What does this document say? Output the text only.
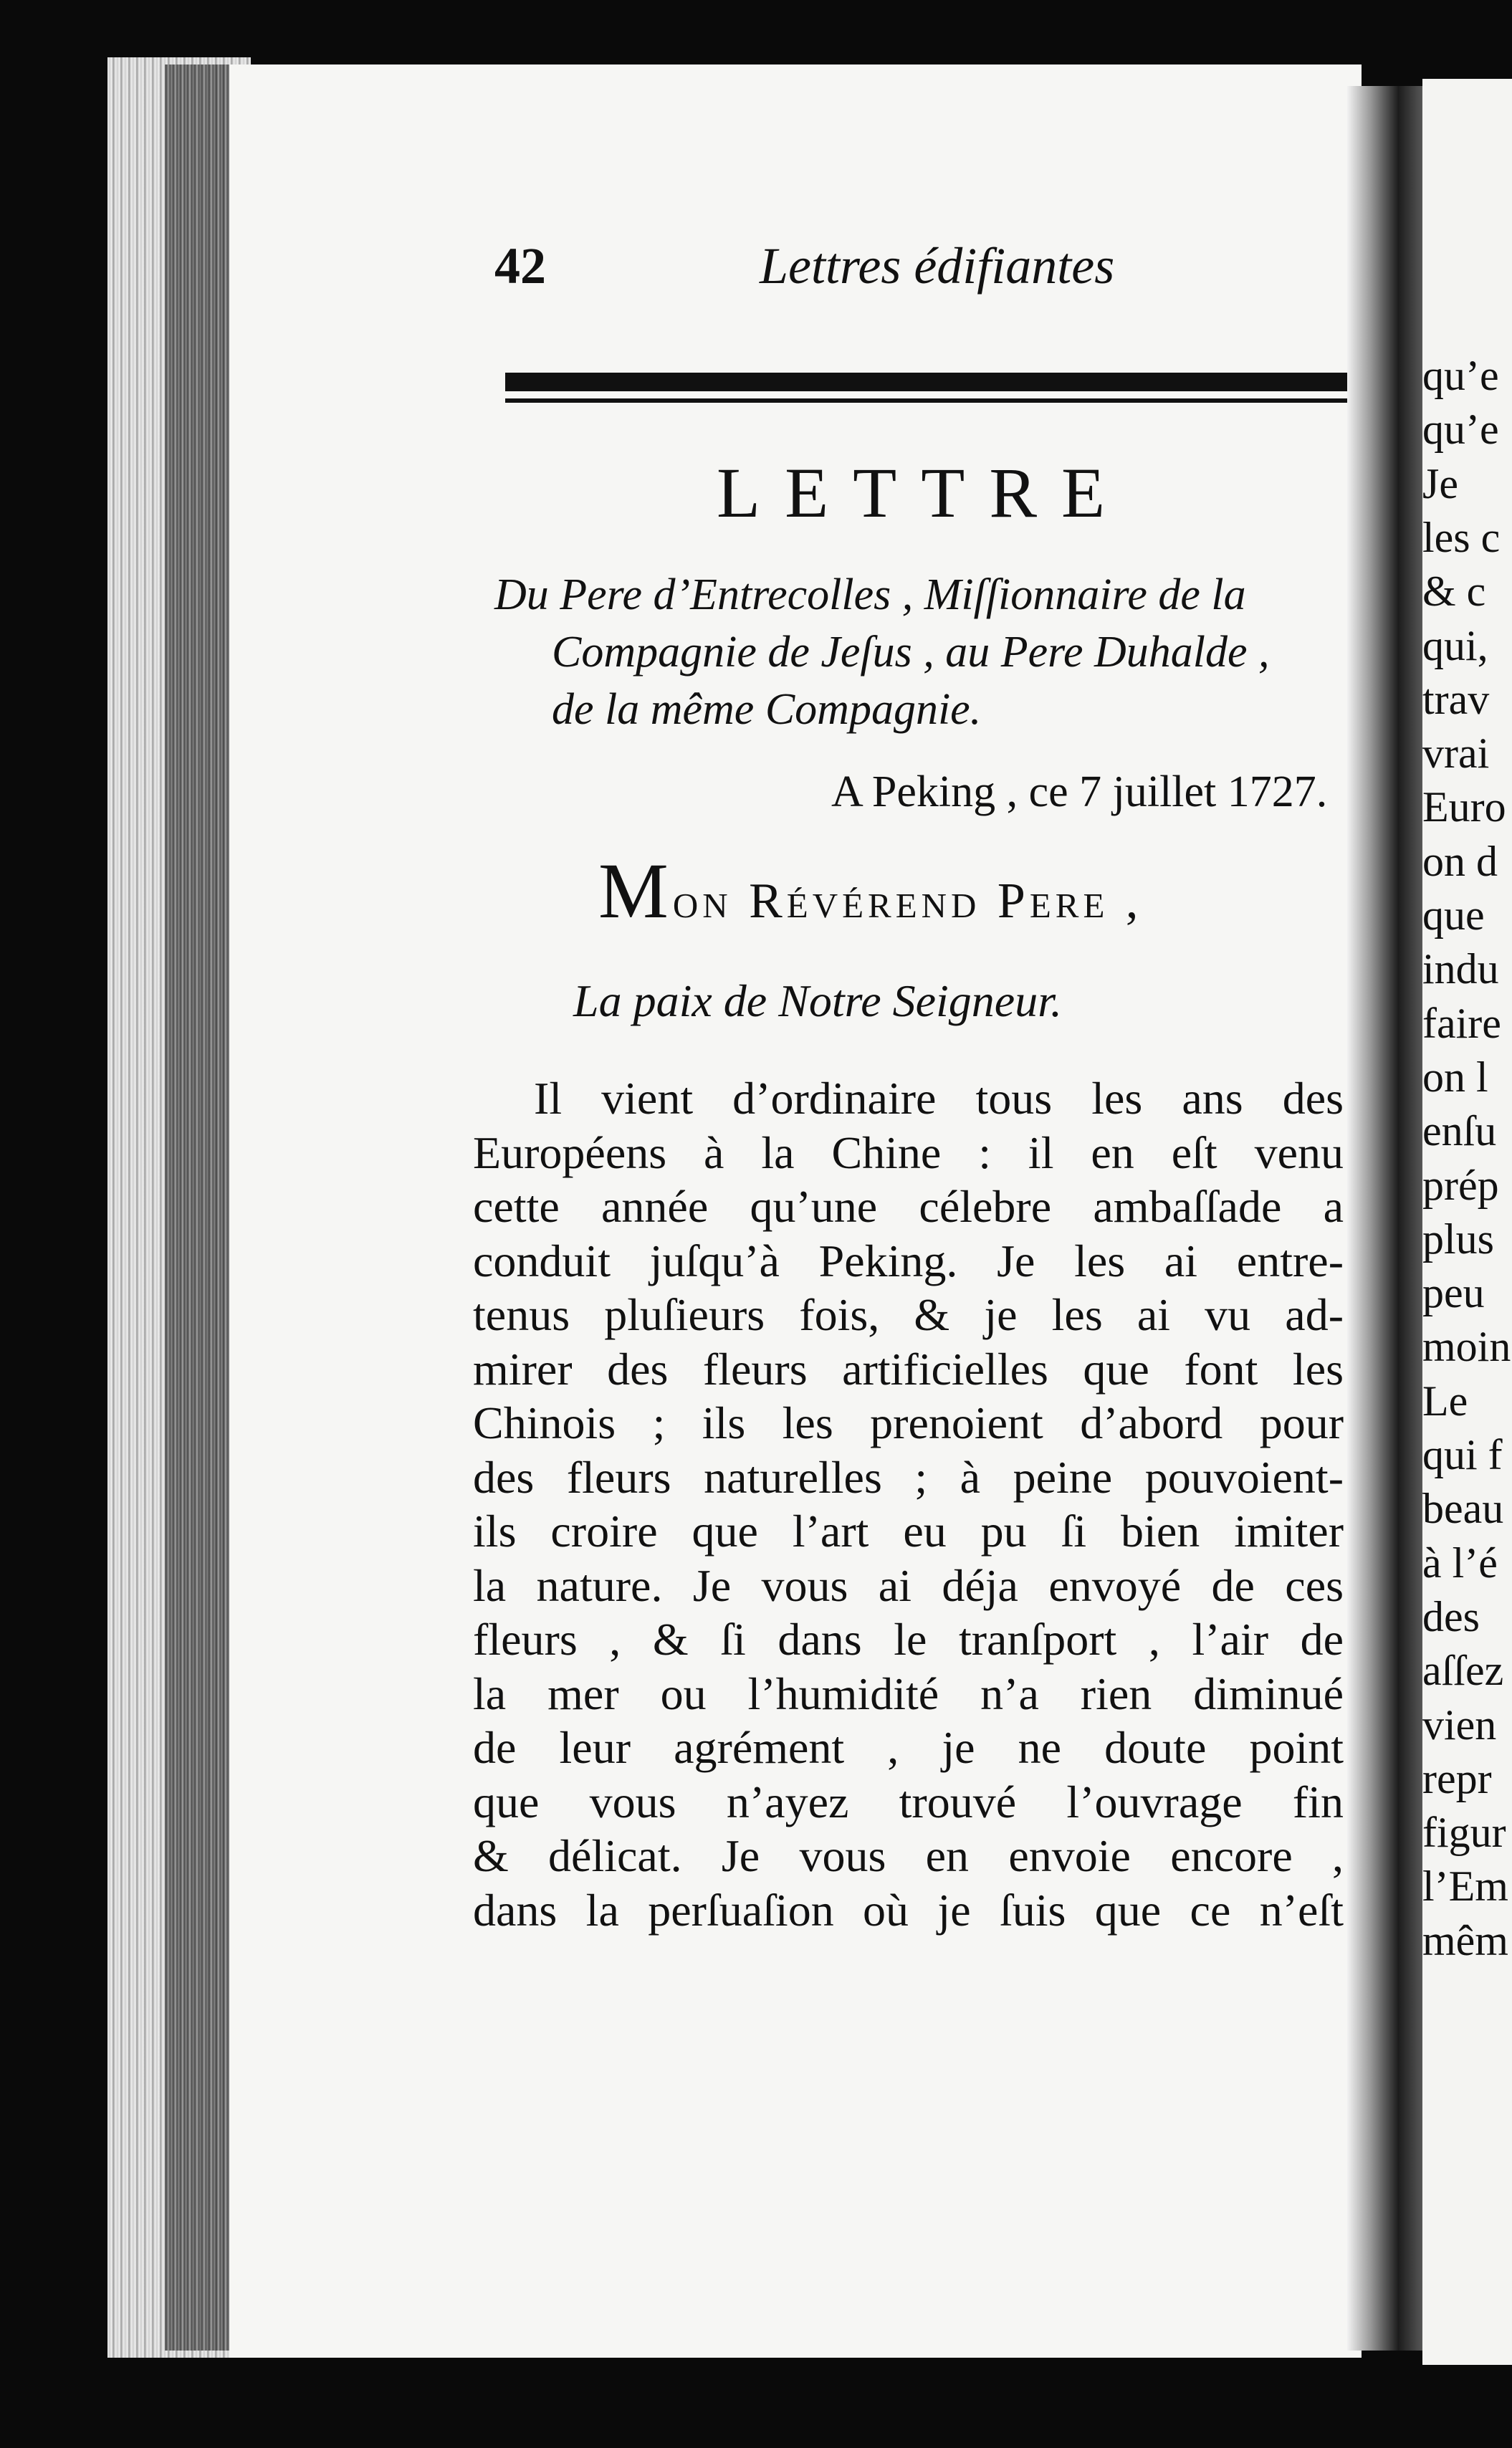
42	Lettres édifiantes
LETTRE
Du Pere d’Entrecolles , Miſſionnaire de la
Compagnie de Jeſus , au Pere Duhalde ,
de la même Compagnie.
A Peking , ce 7 juillet 1727.
Mon Révérend Pere ,
La paix de Notre Seigneur.
Il vient d’ordinaire tous les ans des
Européens à la Chine : il en eſt venu
cette année qu’une célebre ambaſſade a
conduit juſqu’à Peking. Je les ai entre-
tenus pluſieurs fois, & je les ai vu ad-
mirer des fleurs artificielles que font les
Chinois ; ils les prenoient d’abord pour
des fleurs naturelles ; à peine pouvoient-
ils croire que l’art eu pu ſi bien imiter
la nature. Je vous ai déja envoyé de ces
fleurs , & ſi dans le tranſport , l’air de
la mer ou l’humidité n’a rien diminué
de leur agrément , je ne doute point
que vous n’ayez trouvé l’ouvrage fin
& délicat. Je vous en envoie encore ,
dans la perſuaſion où je ſuis que ce n’eſt
qu’e
qu’e
Je
les c
& c
qui,
trav
vrai
Euro
on d
que
indu
faire
on l
enſu
prép
plus
peu
moin
Le
qui f
beau
à l’é
des
aſſez
vien
repr
figur
l’Em
mêm
